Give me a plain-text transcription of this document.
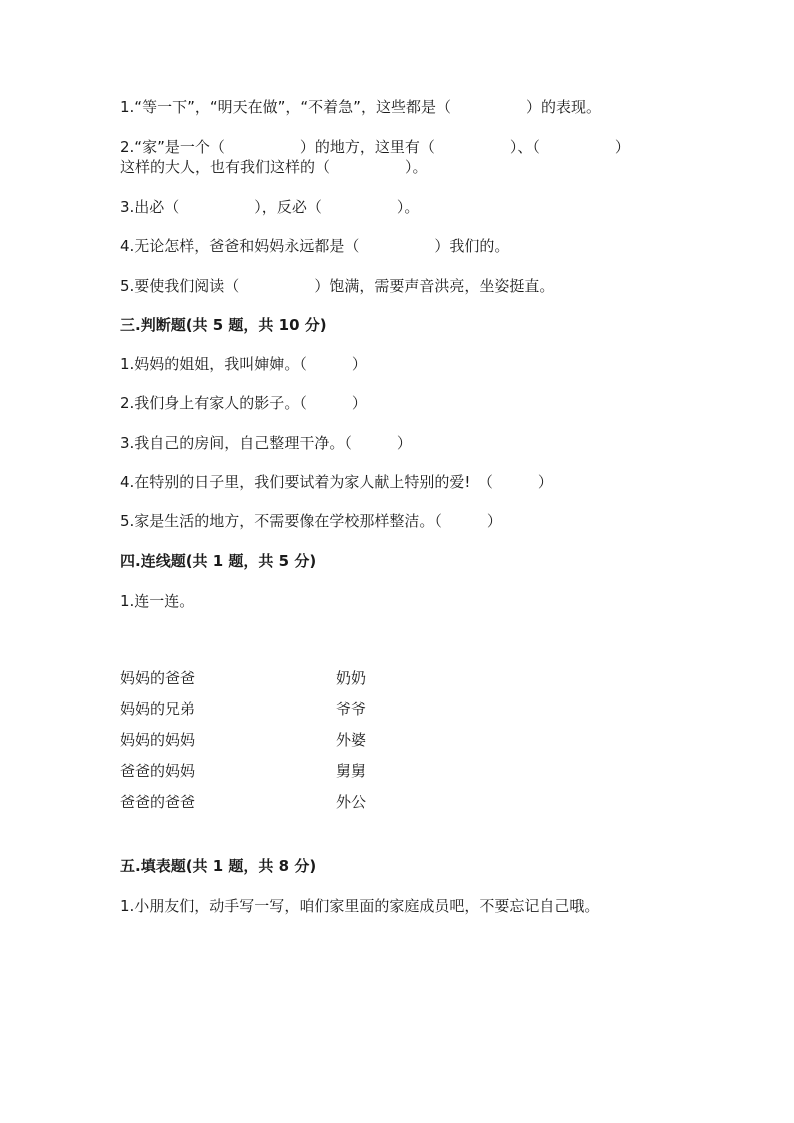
1.“等一下”，“明天在做”，“不着急”，这些都是（　　　　　）的表现。
2.“家”是一个（　　　　　）的地方，这里有（　　　　　）、（　　　　　）
这样的大人，也有我们这样的（　　　　　）。
3.出必（　　　　　），反必（　　　　　）。
4.无论怎样，爸爸和妈妈永远都是（　　　　　）我们的。
5.要使我们阅读（　　　　　）饱满，需要声音洪亮，坐姿挺直。
三.判断题(共 5 题，共 10 分)
1.妈妈的姐姐，我叫婶婶。（　　　）
2.我们身上有家人的影子。（　　　）
3.我自己的房间，自己整理干净。（　　　）
4.在特别的日子里，我们要试着为家人献上特别的爱!　（　　　）
5.家是生活的地方，不需要像在学校那样整洁。（　　　）
四.连线题(共 1 题，共 5 分)
1.连一连。
妈妈的爸爸
妈妈的兄弟
妈妈的妈妈
爸爸的妈妈
爸爸的爸爸
奶奶
爷爷
外婆
舅舅
外公
五.填表题(共 1 题，共 8 分)
1.小朋友们，动手写一写，咱们家里面的家庭成员吧，不要忘记自己哦。
